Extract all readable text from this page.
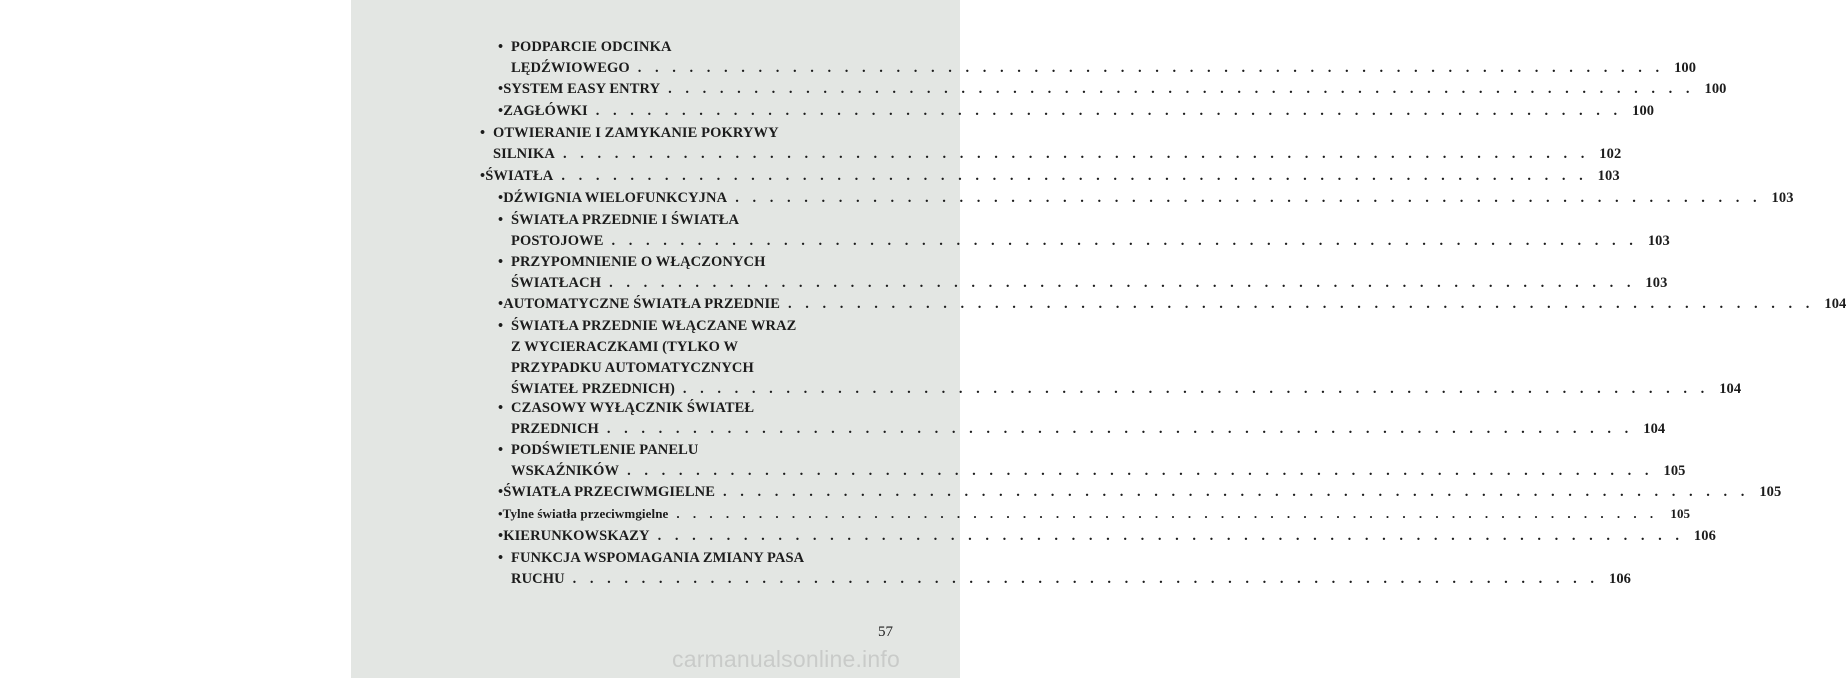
• PODPARCIE ODCINKA
LĘDŹWIOWEGO . . . . . . . . . . . . . . . . . . . . . . . . . . . . . . . . . . . . . . . . . . . . . . . . . . . . . . . . . . . . 100
• SYSTEM EASY ENTRY . . . . . . . . . . . . . . . . . . . . . . . . . . . . . . . . . . . . . . . . . . . . . . . . . . . . . . . . . . . . 100
• ZAGŁÓWKI . . . . . . . . . . . . . . . . . . . . . . . . . . . . . . . . . . . . . . . . . . . . . . . . . . . . . . . . . . . . 100
• OTWIERANIE I ZAMYKANIE POKRYWY
SILNIKA . . . . . . . . . . . . . . . . . . . . . . . . . . . . . . . . . . . . . . . . . . . . . . . . . . . . . . . . . . . . 102
• ŚWIATŁA . . . . . . . . . . . . . . . . . . . . . . . . . . . . . . . . . . . . . . . . . . . . . . . . . . . . . . . . . . . . 103
• DŹWIGNIA WIELOFUNKCYJNA . . . . . . . . . . . . . . . . . . . . . . . . . . . . . . . . . . . . . . . . . . . . . . . . . . . . . . . . . . . . 103
• ŚWIATŁA PRZEDNIE I ŚWIATŁA
POSTOJOWE . . . . . . . . . . . . . . . . . . . . . . . . . . . . . . . . . . . . . . . . . . . . . . . . . . . . . . . . . . . . 103
• PRZYPOMNIENIE O WŁĄCZONYCH
ŚWIATŁACH . . . . . . . . . . . . . . . . . . . . . . . . . . . . . . . . . . . . . . . . . . . . . . . . . . . . . . . . . . . . 103
• AUTOMATYCZNE ŚWIATŁA PRZEDNIE . . . . . . . . . . . . . . . . . . . . . . . . . . . . . . . . . . . . . . . . . . . . . . . . . . . . . . . . . . . . 104
• ŚWIATŁA PRZEDNIE WŁĄCZANE WRAZ
Z WYCIERACZKAMI (TYLKO W
PRZYPADKU AUTOMATYCZNYCH
ŚWIATEŁ PRZEDNICH) . . . . . . . . . . . . . . . . . . . . . . . . . . . . . . . . . . . . . . . . . . . . . . . . . . . . . . . . . . . . 104
• CZASOWY WYŁĄCZNIK ŚWIATEŁ
PRZEDNICH . . . . . . . . . . . . . . . . . . . . . . . . . . . . . . . . . . . . . . . . . . . . . . . . . . . . . . . . . . . . 104
• PODŚWIETLENIE PANELU
WSKAŹNIKÓW . . . . . . . . . . . . . . . . . . . . . . . . . . . . . . . . . . . . . . . . . . . . . . . . . . . . . . . . . . . . 105
• ŚWIATŁA PRZECIWMGIELNE . . . . . . . . . . . . . . . . . . . . . . . . . . . . . . . . . . . . . . . . . . . . . . . . . . . . . . . . . . . . 105
• Tylne światła przeciwmgielne . . . . . . . . . . . . . . . . . . . . . . . . . . . . . . . . . . . . . . . . . . . . . . . . . . . . . . . . . . . . 105
• KIERUNKOWSKAZY . . . . . . . . . . . . . . . . . . . . . . . . . . . . . . . . . . . . . . . . . . . . . . . . . . . . . . . . . . . . 106
• FUNKCJA WSPOMAGANIA ZMIANY PASA
RUCHU . . . . . . . . . . . . . . . . . . . . . . . . . . . . . . . . . . . . . . . . . . . . . . . . . . . . . . . . . . . . 106
57
carmanualsonline.info
